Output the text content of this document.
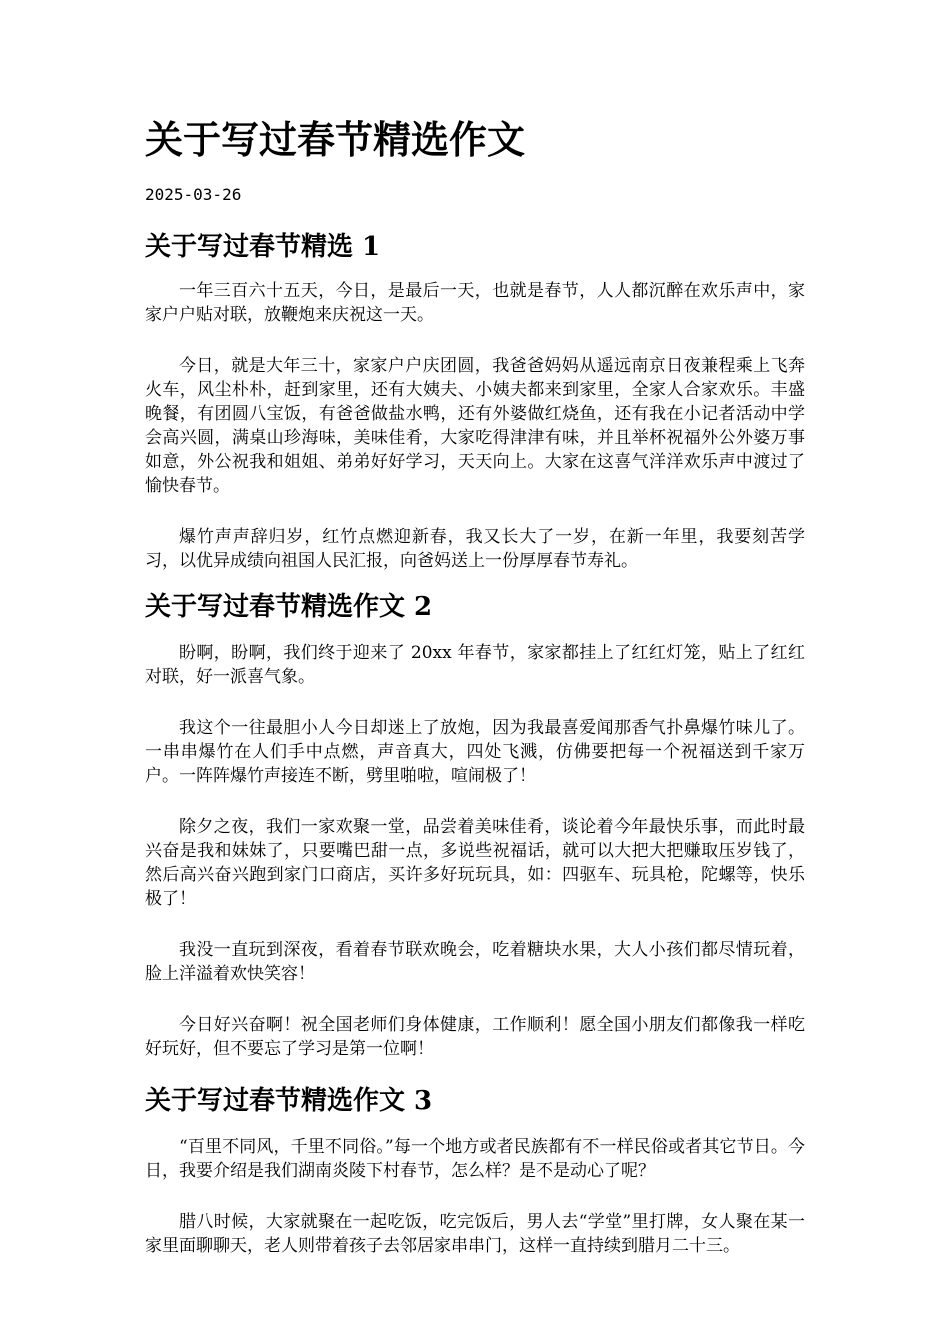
关于写过春节精选作文
2025-03-26
关于写过春节精选 1

一年三百六十五天，今日，是最后一天，也就是春节，人人都沉醉在欢乐声中，家家户户贴对联，放鞭炮来庆祝这一天。

今日，就是大年三十，家家户户庆团圆，我爸爸妈妈从遥远南京日夜兼程乘上飞奔火车，风尘朴朴，赶到家里，还有大姨夫、小姨夫都来到家里，全家人合家欢乐。丰盛晚餐，有团圆八宝饭，有爸爸做盐水鸭，还有外婆做红烧鱼，还有我在小记者活动中学会高兴圆，满桌山珍海味，美味佳肴，大家吃得津津有味，并且举杯祝福外公外婆万事如意，外公祝我和姐姐、弟弟好好学习，天天向上。大家在这喜气洋洋欢乐声中渡过了愉快春节。

爆竹声声辞归岁，红竹点燃迎新春，我又长大了一岁，在新一年里，我要刻苦学习，以优异成绩向祖国人民汇报，向爸妈送上一份厚厚春节寿礼。

关于写过春节精选作文 2

盼啊，盼啊，我们终于迎来了 20xx 年春节，家家都挂上了红红灯笼，贴上了红红对联，好一派喜气象。

我这个一往最胆小人今日却迷上了放炮，因为我最喜爱闻那香气扑鼻爆竹味儿了。一串串爆竹在人们手中点燃，声音真大，四处飞溅，仿佛要把每一个祝福送到千家万户。一阵阵爆竹声接连不断，劈里啪啦，喧闹极了！

除夕之夜，我们一家欢聚一堂，品尝着美味佳肴，谈论着今年最快乐事，而此时最兴奋是我和妹妹了，只要嘴巴甜一点，多说些祝福话，就可以大把大把赚取压岁钱了，然后高兴奋兴跑到家门口商店，买许多好玩玩具，如：四驱车、玩具枪，陀螺等，快乐极了！

我没一直玩到深夜，看着春节联欢晚会，吃着糖块水果，大人小孩们都尽情玩着，脸上洋溢着欢快笑容！

今日好兴奋啊！祝全国老师们身体健康，工作顺利！愿全国小朋友们都像我一样吃好玩好，但不要忘了学习是第一位啊！

关于写过春节精选作文 3

“百里不同风，千里不同俗。”每一个地方或者民族都有不一样民俗或者其它节日。今日，我要介绍是我们湖南炎陵下村春节，怎么样？是不是动心了呢？

腊八时候，大家就聚在一起吃饭，吃完饭后，男人去“学堂”里打牌，女人聚在某一家里面聊聊天，老人则带着孩子去邻居家串串门，这样一直持续到腊月二十三。
